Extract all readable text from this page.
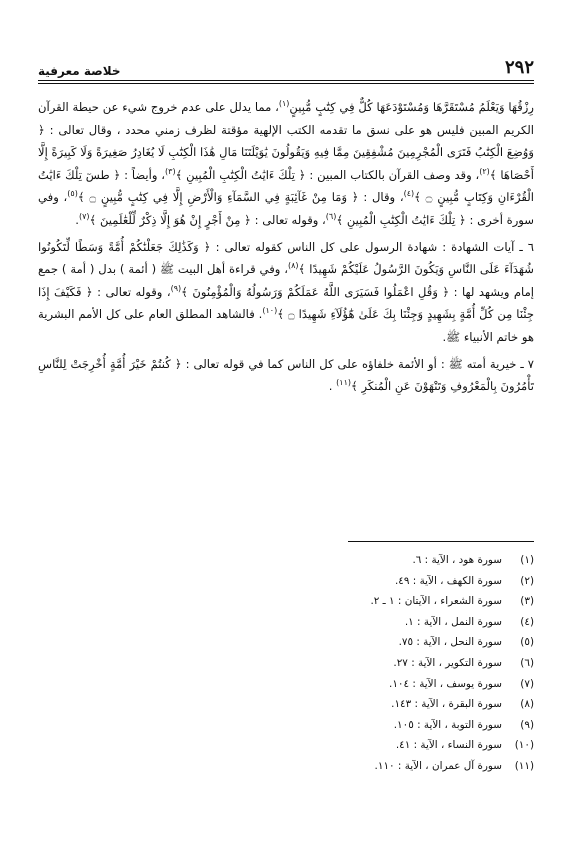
٢٩٢
خلاصة معرفية

رِزْقُهَا وَيَعْلَمُ مُسْتَقَرَّهَا وَمُسْتَوْدَعَهَا كُلٌّ فِي كِتَٰبٍ مُّبِينٍ$^{(١)}$، مما يدلل على عدم خروج شيء عن حيطة القرآن الكريم المبين فليس هو على نسق ما تقدمه الكتب الإلهية مؤقتة لظرف زمني محدد ، وقال تعالى : ﴿ وَوُضِعَ الْكِتَٰبُ فَتَرَى الْمُجْرِمِينَ مُشْفِقِينَ مِمَّا فِيهِ وَيَقُولُونَ يَٰوَيْلَتَنَا مَالِ هَٰذَا الْكِتَٰبِ لَا يُغَادِرُ صَغِيرَةً وَلَا كَبِيرَةً إِلَّا أَحْصَاهَا ﴾$^{(٢)}$، وقد وصف القرآن بالكتاب المبين : ﴿ تِلْكَ ءَايَٰتُ الْكِتَٰبِ الْمُبِينِ ﴾$^{(٣)}$، وأيضاً : ﴿ طسٓ تِلْكَ ءَايَٰتُ الْقُرْءَانِ وَكِتَابٍ مُّبِينٍ ۝ ﴾$^{(٤)}$، وقال : ﴿ وَمَا مِنْ غَآئِبَةٍ فِي السَّمَآءِ وَالْأَرْضِ إِلَّا فِي كِتَٰبٍ مُّبِينٍ ۝ ﴾$^{(٥)}$، وفي سورة أخرى : ﴿ تِلْكَ ءَايَٰتُ الْكِتَٰبِ الْمُبِينِ ﴾$^{(٦)}$، وقوله تعالى : ﴿ مِنْ أَجْرٍ إِنْ هُوَ إِلَّا ذِكْرٌ لِّلْعَٰلَمِينَ ﴾$^{(٧)}$.

٦ ـ آيات الشهادة : شهادة الرسول على كل الناس كقوله تعالى : ﴿ وَكَذَٰلِكَ جَعَلْنَٰكُمْ أُمَّةً وَسَطًا لِّتَكُونُوا شُهَدَآءَ عَلَى النَّاسِ وَيَكُونَ الرَّسُولُ عَلَيْكُمْ شَهِيدًا ﴾$^{(٨)}$، وفي قراءة أهل البيت ﷺ ( أئمة ) بدل ( أمة ) جمع إمام ويشهد لها : ﴿ وَقُلِ اعْمَلُوا فَسَيَرَى اللَّهُ عَمَلَكُمْ وَرَسُولُهُ وَالْمُؤْمِنُونَ ﴾$^{(٩)}$، وقوله تعالى : ﴿ فَكَيْفَ إِذَا جِئْنَا مِن كُلِّ أُمَّةٍ بِشَهِيدٍ وَجِئْنَا بِكَ عَلَىٰ هَٰٓؤُلَآءِ شَهِيدًا ۝ ﴾$^{(١٠)}$. فالشاهد المطلق العام على كل الأمم البشرية هو خاتم الأنبياء ﷺ.

٧ ـ خيرية أمته ﷺ : أو الأئمة خلفاؤه على كل الناس كما في قوله تعالى : ﴿ كُنتُمْ خَيْرَ أُمَّةٍ أُخْرِجَتْ لِلنَّاسِ تَأْمُرُونَ بِالْمَعْرُوفِ وَتَنْهَوْنَ عَنِ الْمُنكَرِ ﴾$^{(١١)}$ .

(١)
سورة هود ، الآية : ٦.
(٢)
سورة الكهف ، الآية : ٤٩.
(٣)
سورة الشعراء ، الآيتان : ١ ـ ٢.
(٤)
سورة النمل ، الآية : ١.
(٥)
سورة النحل ، الآية : ٧٥.
(٦)
سورة التكوير ، الآية : ٢٧.
(٧)
سورة يوسف ، الآية : ١٠٤.
(٨)
سورة البقرة ، الآية : ١٤٣.
(٩)
سورة التوبة ، الآية : ١٠٥.
(١٠)
سورة النساء ، الآية : ٤١.
(١١)
سورة آل عمران ، الآية : ١١٠.
